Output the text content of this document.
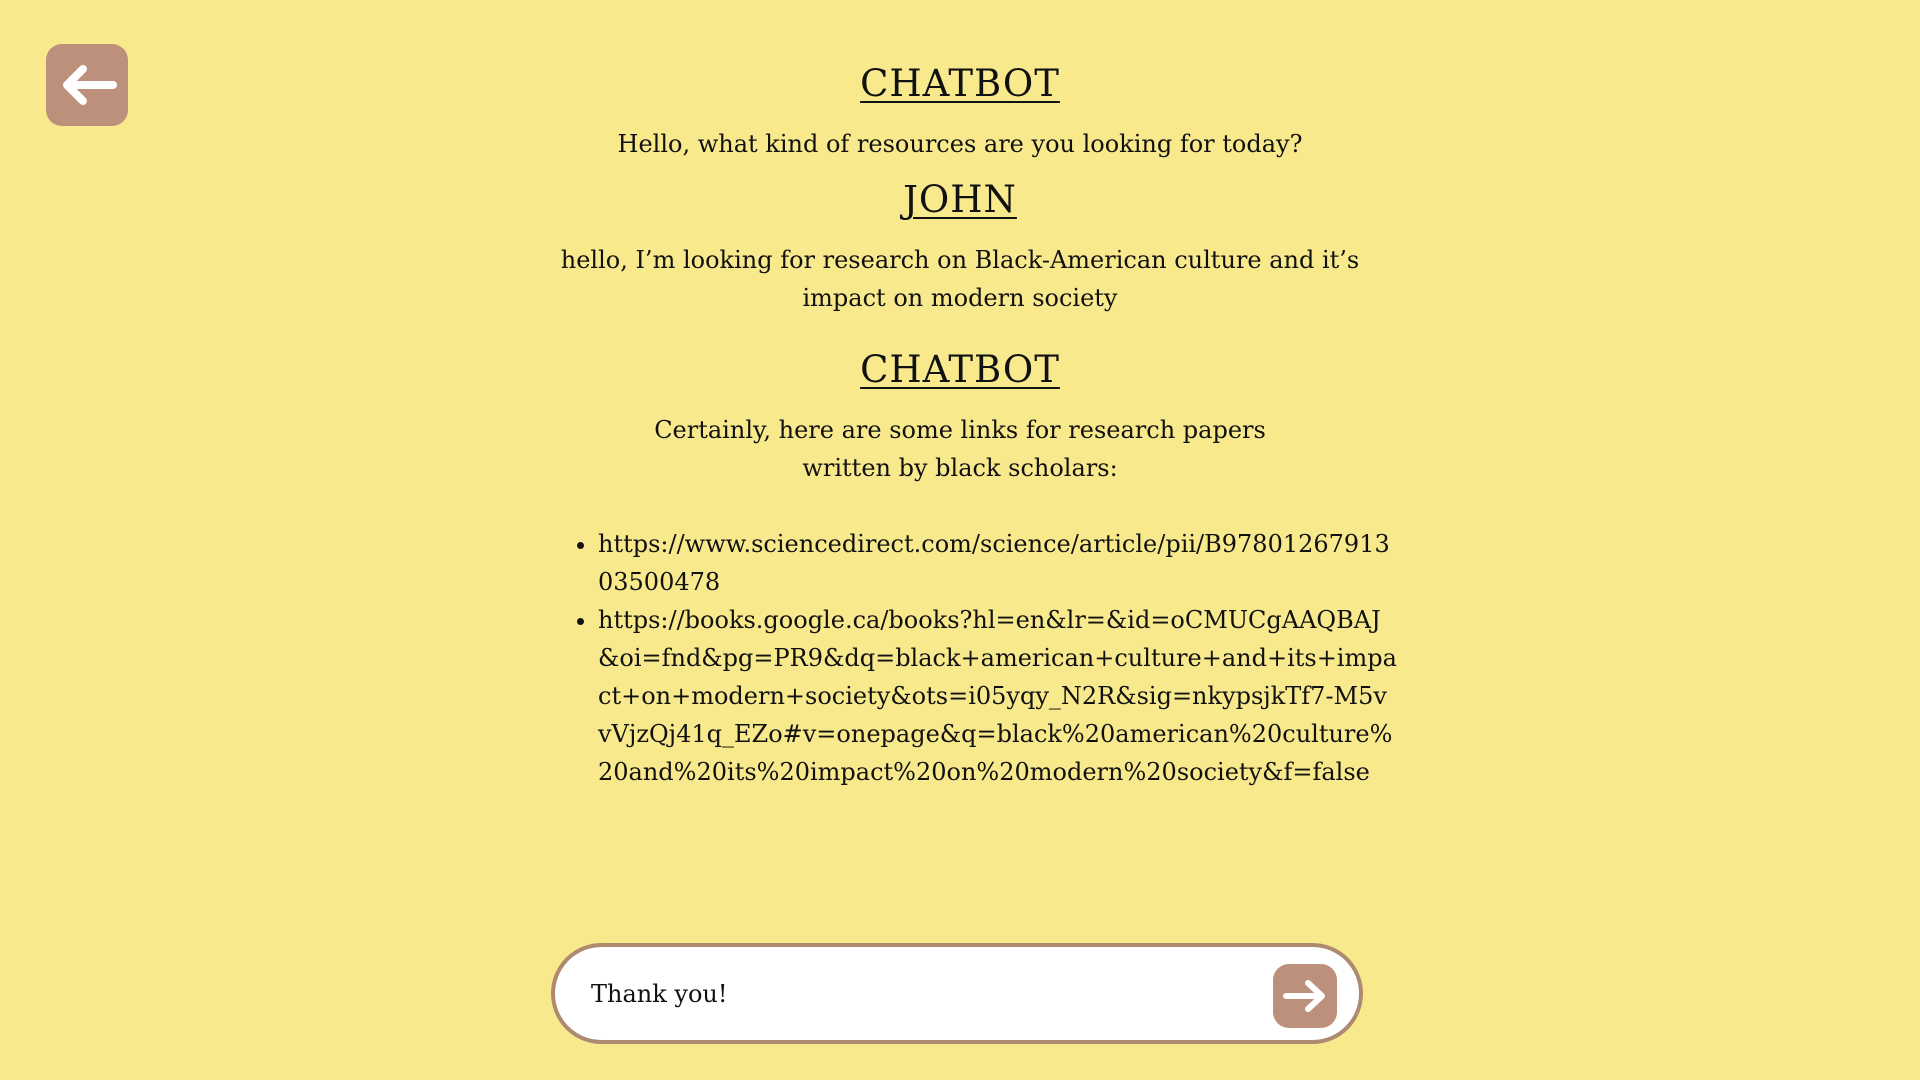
CHATBOT
Hello, what kind of resources are you looking for today?
JOHN
hello, I’m looking for research on Black-American culture and it’s impact on modern society
CHATBOT
Certainly, here are some links for research papers written by black scholars:
• https://www.sciencedirect.com/science/article/pii/B9780126791303500478
• https://books.google.ca/books?hl=en&lr=&id=oCMUCgAAQBAJ&oi=fnd&pg=PR9&dq=black+american+culture+and+its+impact+on+modern+society&ots=i05yqy_N2R&sig=nkypsjkTf7-M5vvVjzQj41q_EZo#v=onepage&q=black%20american%20culture%20and%20its%20impact%20on%20modern%20society&f=false
Thank you!
